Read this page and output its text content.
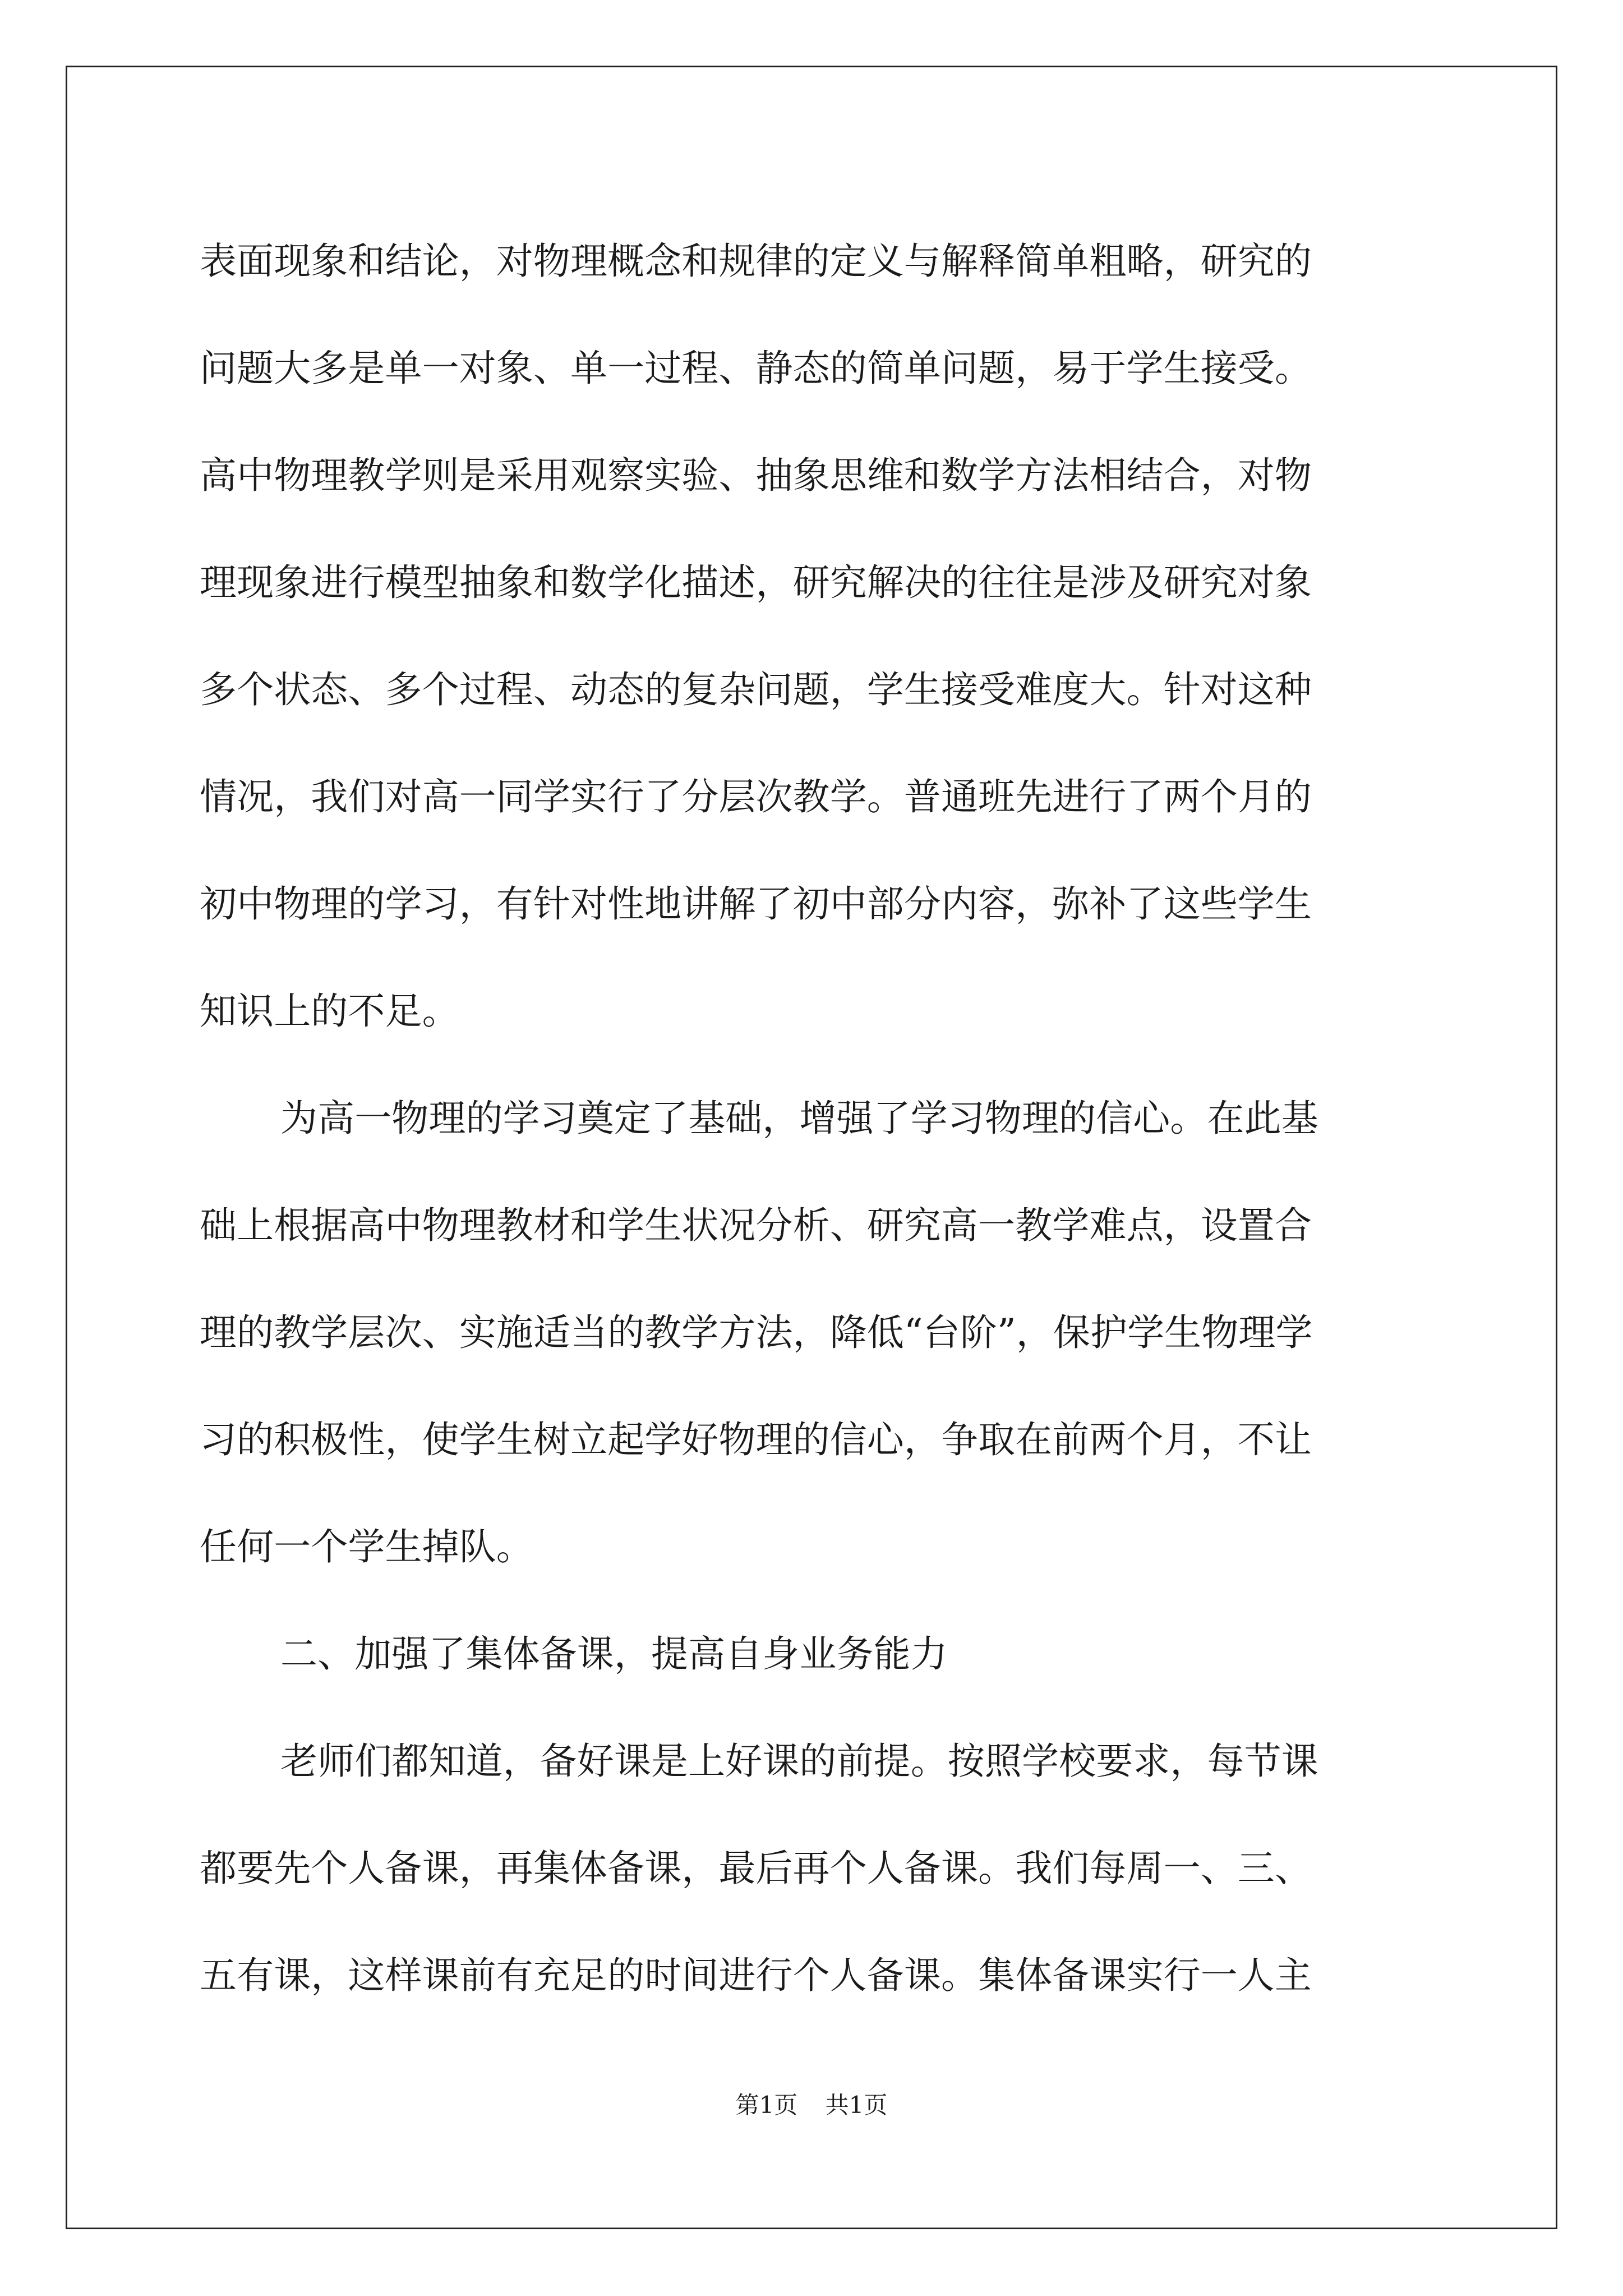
表面现象和结论，对物理概念和规律的定义与解释简单粗略，研究的
问题大多是单一对象、单一过程、静态的简单问题，易于学生接受。
高中物理教学则是采用观察实验、抽象思维和数学方法相结合，对物
理现象进行模型抽象和数学化描述，研究解决的往往是涉及研究对象
多个状态、多个过程、动态的复杂问题，学生接受难度大。针对这种
情况，我们对高一同学实行了分层次教学。普通班先进行了两个月的
初中物理的学习，有针对性地讲解了初中部分内容，弥补了这些学生
知识上的不足。
为高一物理的学习奠定了基础，增强了学习物理的信心。在此基
础上根据高中物理教材和学生状况分析、研究高一教学难点，设置合
理的教学层次、实施适当的教学方法，降低“台阶”，保护学生物理学
习的积极性，使学生树立起学好物理的信心，争取在前两个月，不让
任何一个学生掉队。
二、加强了集体备课，提高自身业务能力
老师们都知道，备好课是上好课的前提。按照学校要求，每节课
都要先个人备课，再集体备课，最后再个人备课。我们每周一、三、
五有课，这样课前有充足的时间进行个人备课。集体备课实行一人主
第1页 共1页
